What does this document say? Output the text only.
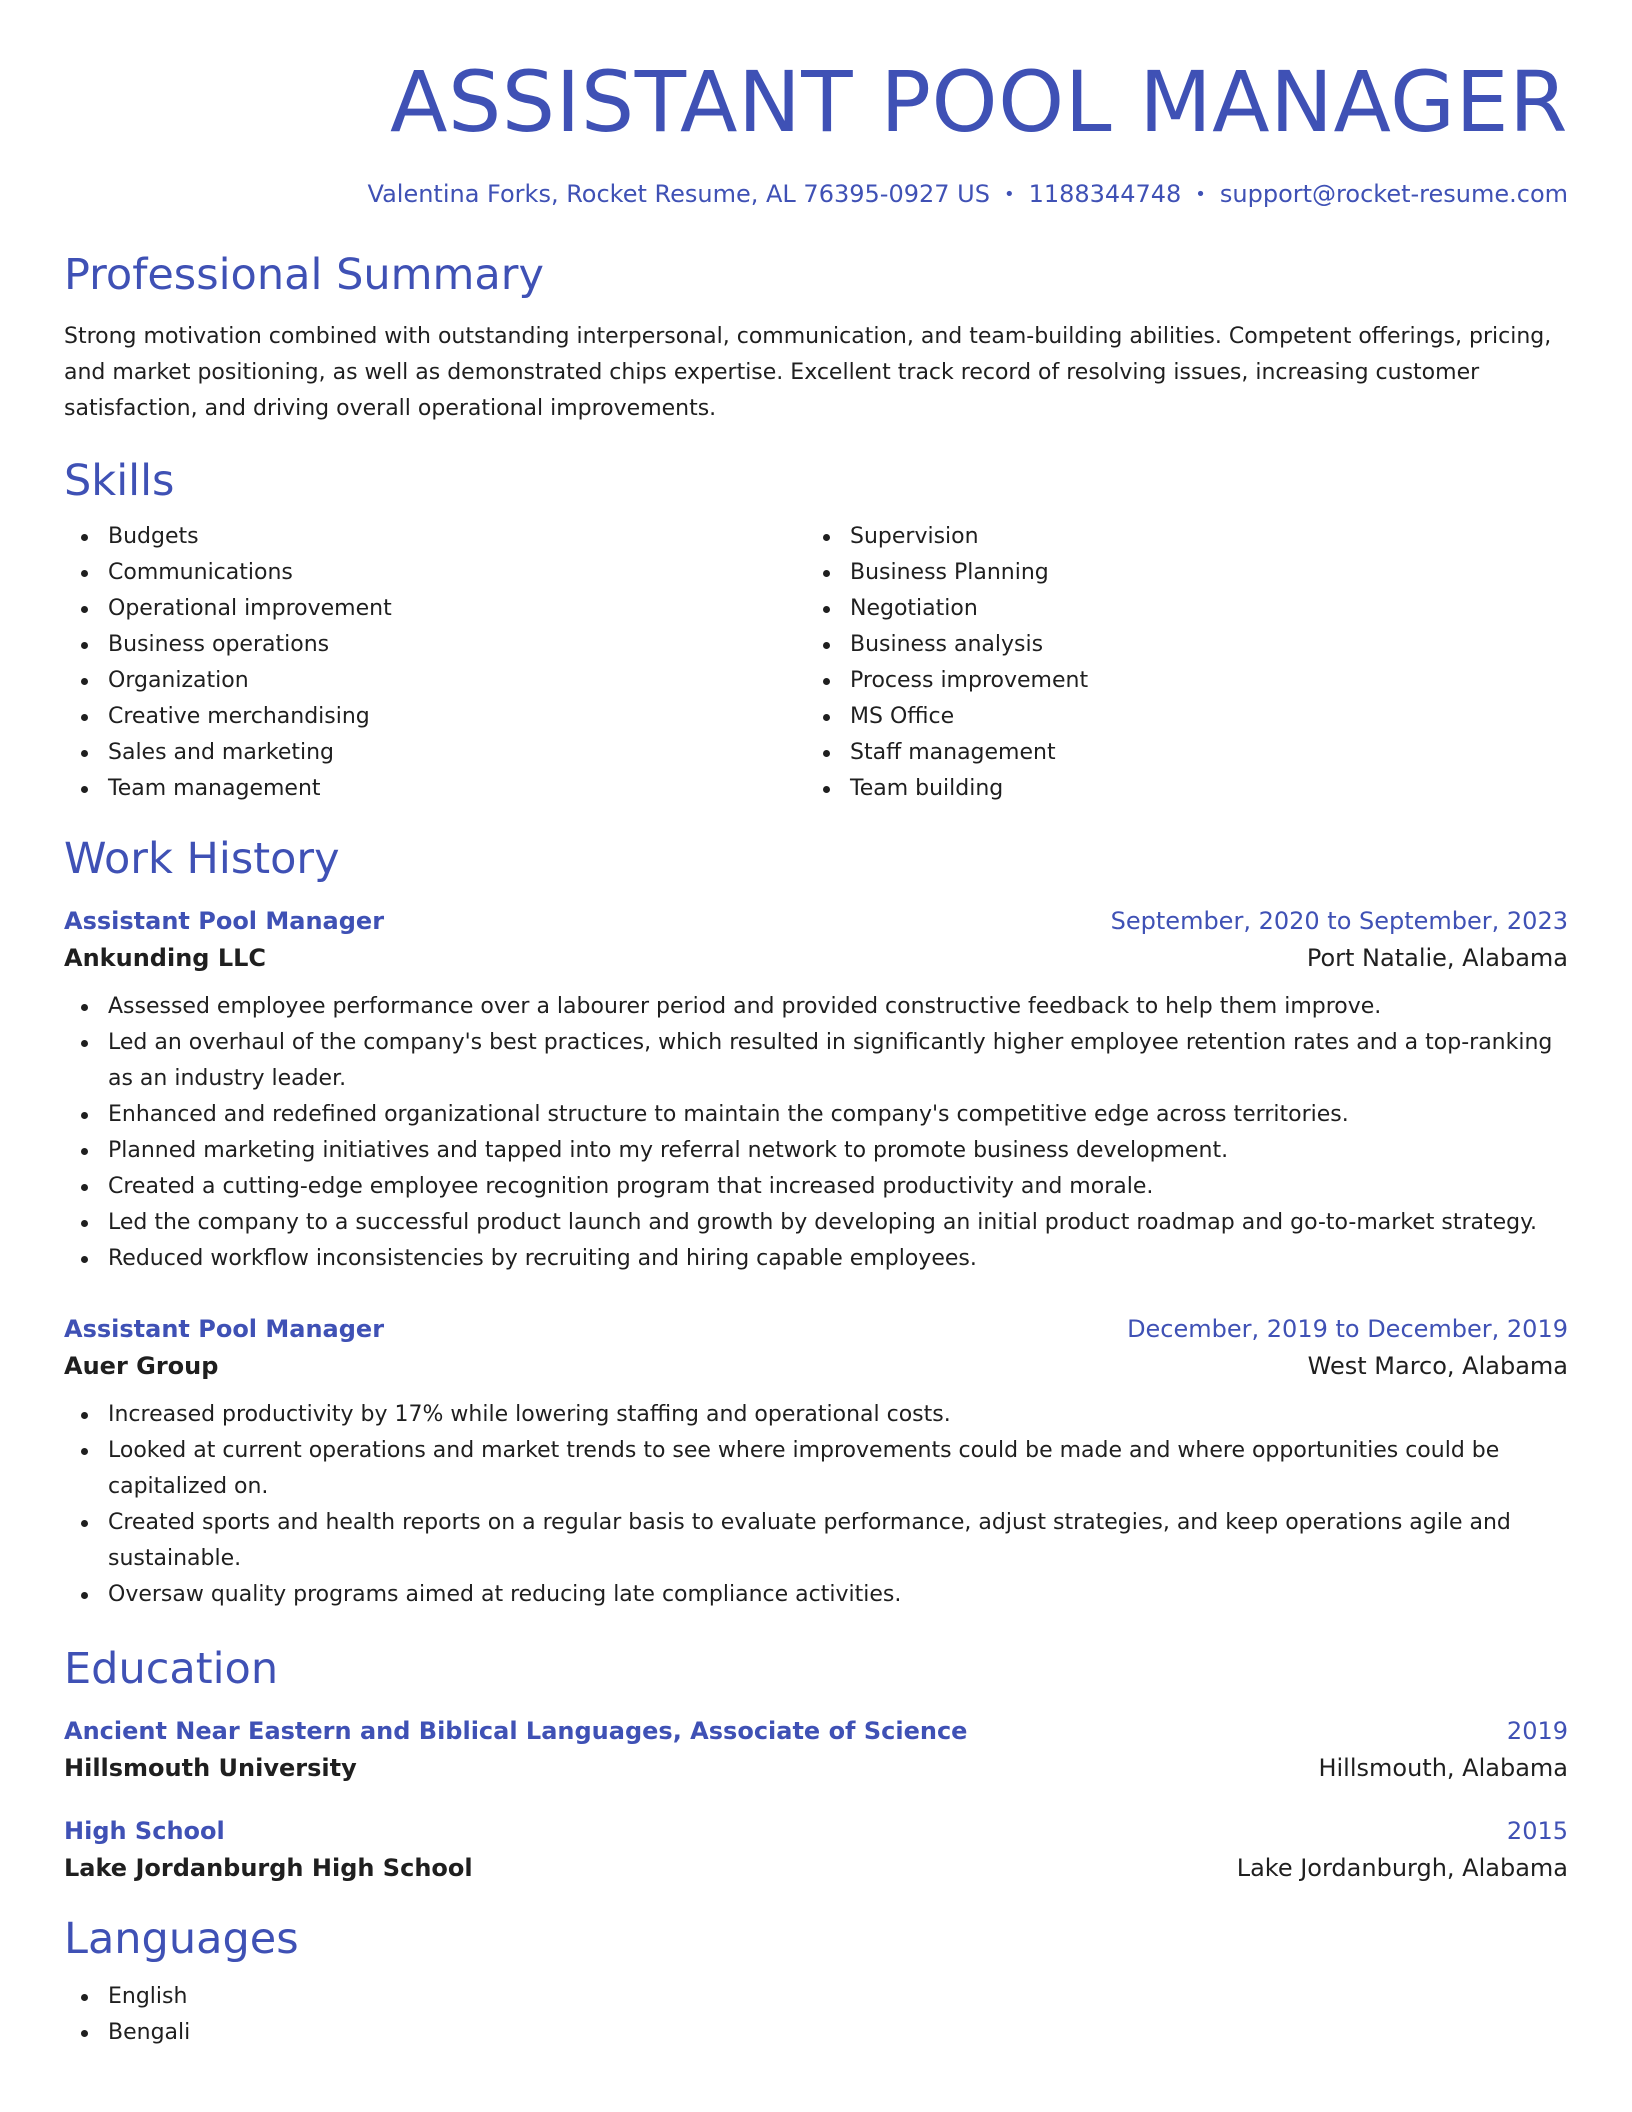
ASSISTANT POOL MANAGER
Valentina Forks, Rocket Resume, AL 76395-0927 US • 1188344748 • support@rocket-resume.com
Professional Summary

Strong motivation combined with outstanding interpersonal, communication, and team-building abilities. Competent offerings, pricing, and market positioning, as well as demonstrated chips expertise. Excellent track record of resolving issues, increasing customer satisfaction, and driving overall operational improvements.

Skills
Budgets
Communications
Operational improvement
Business operations
Organization
Creative merchandising
Sales and marketing
Team management
Supervision
Business Planning
Negotiation
Business analysis
Process improvement
MS Office
Staff management
Team building
Work History
Assistant Pool Manager	September, 2020 to September, 2023
Ankunding LLC	Port Natalie, Alabama
Assessed employee performance over a labourer period and provided constructive feedback to help them improve.
Led an overhaul of the company's best practices, which resulted in significantly higher employee retention rates and a top-ranking as an industry leader.
Enhanced and redefined organizational structure to maintain the company's competitive edge across territories.
Planned marketing initiatives and tapped into my referral network to promote business development.
Created a cutting-edge employee recognition program that increased productivity and morale.
Led the company to a successful product launch and growth by developing an initial product roadmap and go-to-market strategy.
Reduced workflow inconsistencies by recruiting and hiring capable employees.
Assistant Pool Manager	December, 2019 to December, 2019
Auer Group	West Marco, Alabama
Increased productivity by 17% while lowering staffing and operational costs.
Looked at current operations and market trends to see where improvements could be made and where opportunities could be capitalized on.
Created sports and health reports on a regular basis to evaluate performance, adjust strategies, and keep operations agile and sustainable.
Oversaw quality programs aimed at reducing late compliance activities.
Education
Ancient Near Eastern and Biblical Languages, Associate of Science	2019
Hillsmouth University	Hillsmouth, Alabama
High School	2015
Lake Jordanburgh High School	Lake Jordanburgh, Alabama
Languages
English
Bengali
